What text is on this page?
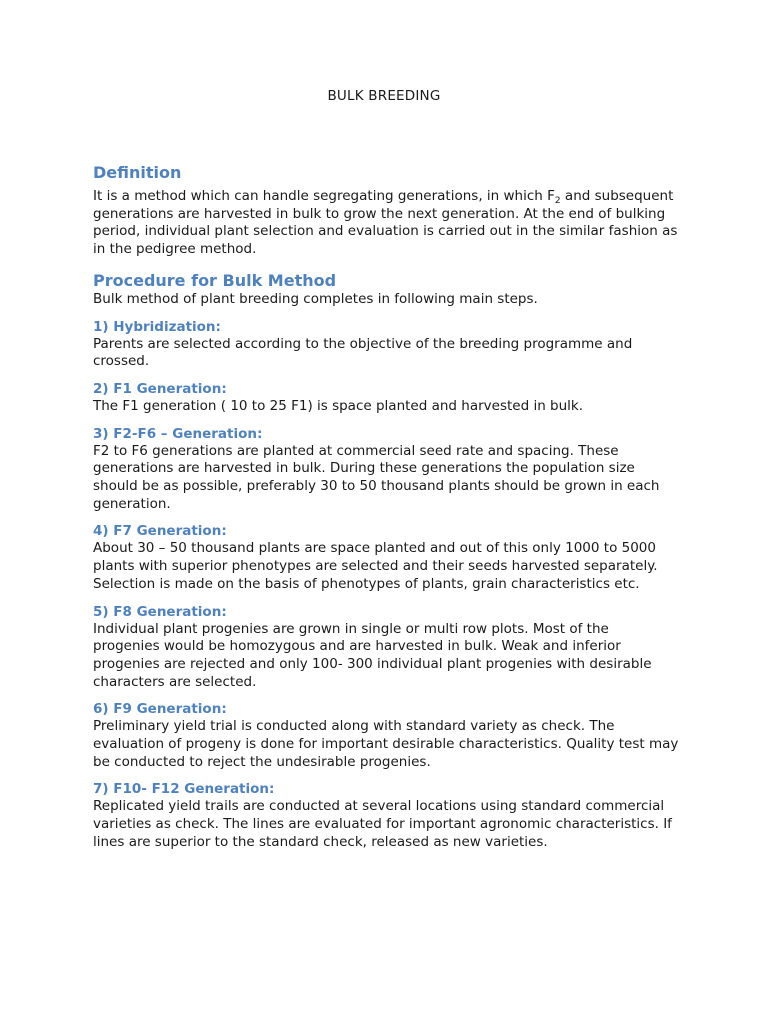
BULK BREEDING
Definition

It is a method which can handle segregating generations, in which $F_2$ and subsequent generations are harvested in bulk to grow the next generation. At the end of bulking period, individual plant selection and evaluation is carried out in the similar fashion as in the pedigree method.

Procedure for Bulk Method

Bulk method of plant breeding completes in following main steps.

1) Hybridization:

Parents are selected according to the objective of the breeding programme and crossed.

2) F1 Generation:

The F1 generation ( 10 to 25 F1) is space planted and harvested in bulk.

3) F2-F6 – Generation:

F2 to F6 generations are planted at commercial seed rate and spacing. These generations are harvested in bulk. During these generations the population size should be as possible, preferably 30 to 50 thousand plants should be grown in each generation.

4) F7 Generation:

About 30 – 50 thousand plants are space planted and out of this only 1000 to 5000 plants with superior phenotypes are selected and their seeds harvested separately. Selection is made on the basis of phenotypes of plants, grain characteristics etc.

5) F8 Generation:

Individual plant progenies are grown in single or multi row plots. Most of the progenies would be homozygous and are harvested in bulk. Weak and inferior progenies are rejected and only 100- 300 individual plant progenies with desirable characters are selected.

6) F9 Generation:

Preliminary yield trial is conducted along with standard variety as check. The evaluation of progeny is done for important desirable characteristics. Quality test may be conducted to reject the undesirable progenies.

7) F10- F12 Generation:

Replicated yield trails are conducted at several locations using standard commercial varieties as check. The lines are evaluated for important agronomic characteristics. If lines are superior to the standard check, released as new varieties.
